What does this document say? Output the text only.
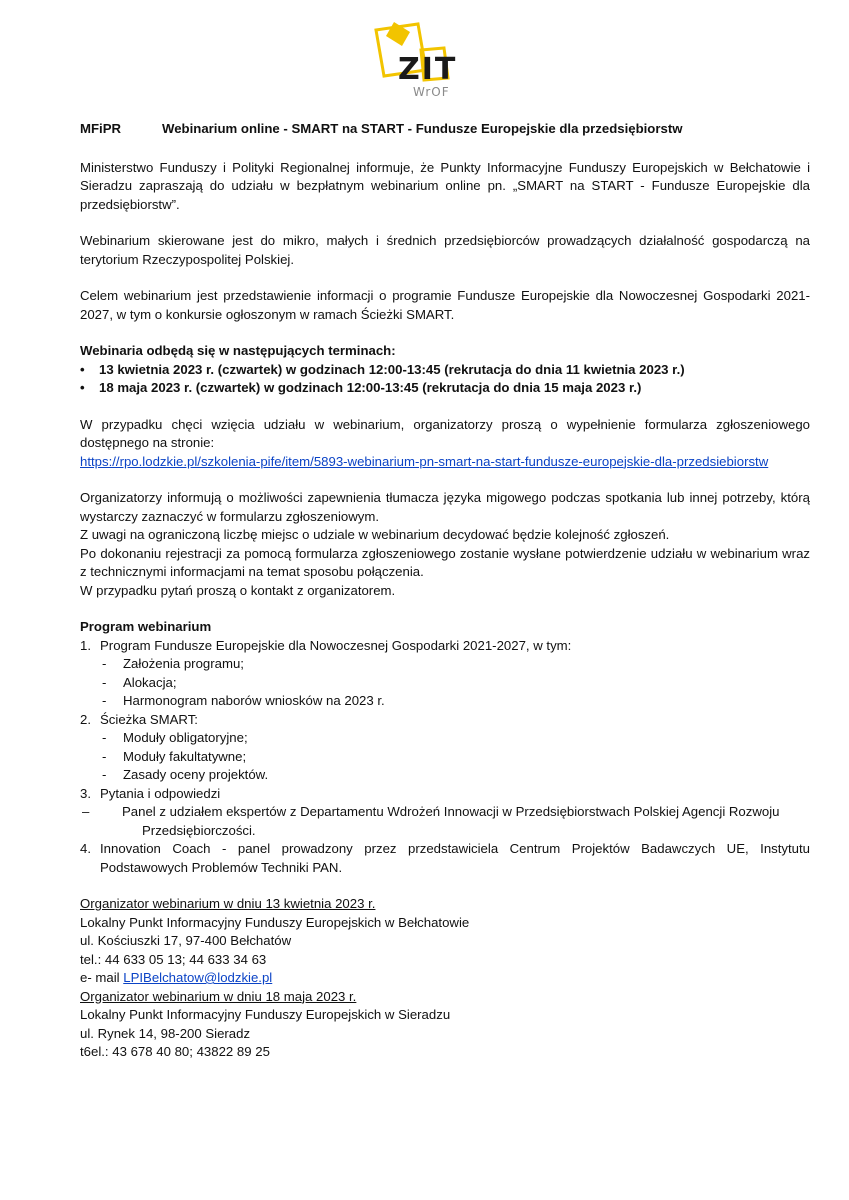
ZIT
WrOF
MFiPR	Webinarium online - SMART na START - Fundusze Europejskie dla przedsiębiorstw

Ministerstwo Funduszy i Polityki Regionalnej informuje, że Punkty Informacyjne Funduszy Europejskich w Bełchatowie i Sieradzu zapraszają do udziału w bezpłatnym webinarium online pn. „SMART na START - Fundusze Europejskie dla przedsiębiorstw”.

Webinarium skierowane jest do mikro, małych i średnich przedsiębiorców prowadzących działalność gospodarczą na terytorium Rzeczypospolitej Polskiej.

Celem webinarium jest przedstawienie informacji o programie Fundusze Europejskie dla Nowoczesnej Gospodarki 2021-2027, w tym o konkursie ogłoszonym w ramach Ścieżki SMART.

Webinaria odbędą się w następujących terminach:
• 13 kwietnia 2023 r. (czwartek) w godzinach 12:00-13:45 (rekrutacja do dnia 11 kwietnia 2023 r.)
• 18 maja 2023 r. (czwartek) w godzinach 12:00-13:45 (rekrutacja do dnia 15 maja 2023 r.)

W przypadku chęci wzięcia udziału w webinarium, organizatorzy proszą o wypełnienie formularza zgłoszeniowego dostępnego na stronie:
https://rpo.lodzkie.pl/szkolenia-pife/item/5893-webinarium-pn-smart-na-start-fundusze-europejskie-dla-przedsiebiorstw

Organizatorzy informują o możliwości zapewnienia tłumacza języka migowego podczas spotkania lub innej potrzeby, którą wystarczy zaznaczyć w formularzu zgłoszeniowym.
Z uwagi na ograniczoną liczbę miejsc o udziale w webinarium decydować będzie kolejność zgłoszeń.
Po dokonaniu rejestracji za pomocą formularza zgłoszeniowego zostanie wysłane potwierdzenie udziału w webinarium wraz z technicznymi informacjami na temat sposobu połączenia.
W przypadku pytań proszą o kontakt z organizatorem.

Program webinarium
1. Program Fundusze Europejskie dla Nowoczesnej Gospodarki 2021-2027, w tym:
- Założenia programu;
- Alokacja;
- Harmonogram naborów wniosków na 2023 r.
2. Ścieżka SMART:
- Moduły obligatoryjne;
- Moduły fakultatywne;
- Zasady oceny projektów.
3. Pytania i odpowiedzi
– Panel z udziałem ekspertów z Departamentu Wdrożeń Innowacji w Przedsiębiorstwach Polskiej Agencji Rozwoju Przedsiębiorczości.
4. Innovation Coach - panel prowadzony przez przedstawiciela Centrum Projektów Badawczych UE, Instytutu Podstawowych Problemów Techniki PAN.
Organizator webinarium w dniu 13 kwietnia 2023 r.
Lokalny Punkt Informacyjny Funduszy Europejskich w Bełchatowie
ul. Kościuszki 17, 97-400 Bełchatów
tel.: 44 633 05 13; 44 633 34 63
e- mail LPIBelchatow@lodzkie.pl
Organizator webinarium w dniu 18 maja 2023 r.
Lokalny Punkt Informacyjny Funduszy Europejskich w Sieradzu
ul. Rynek 14, 98-200 Sieradz
t6el.: 43 678 40 80; 43822 89 25
